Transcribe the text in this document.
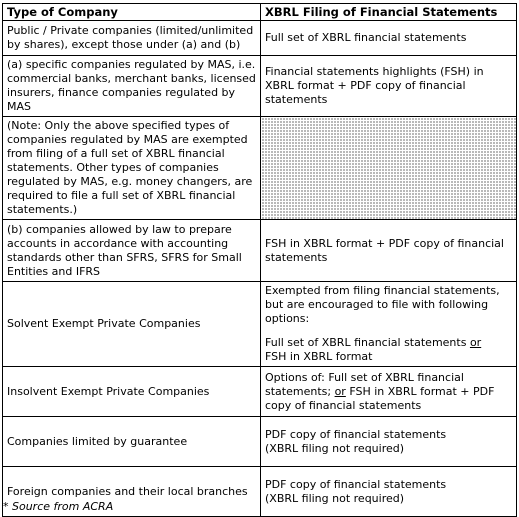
Type of Company	XBRL Filing of Financial Statements
Public / Private companies (limited/unlimited by shares), except those under (a) and (b)	Full set of XBRL financial statements
(a) specific companies regulated by MAS, i.e. commercial banks, merchant banks, licensed insurers, finance companies regulated by MAS	Financial statements highlights (FSH) in XBRL format + PDF copy of financial statements
(Note: Only the above specified types of companies regulated by MAS are exempted from filing of a full set of XBRL financial statements. Other types of companies regulated by MAS, e.g. money changers, are required to file a full set of XBRL financial statements.)	
(b) companies allowed by law to prepare accounts in accordance with accounting standards other than SFRS, SFRS for Small Entities and IFRS	FSH in XBRL format + PDF copy of financial statements
Solvent Exempt Private Companies	Exempted from filing financial statements, but are encouraged to file with following options:
Full set of XBRL financial statements or
FSH in XBRL format

Insolvent Exempt Private Companies	Options of: Full set of XBRL financial statements; or FSH in XBRL format + PDF copy of financial statements
Companies limited by guarantee	PDF copy of financial statements
(XBRL filing not required)

Foreign companies and their local branches	PDF copy of financial statements
(XBRL filing not required)
* Source from ACRA
